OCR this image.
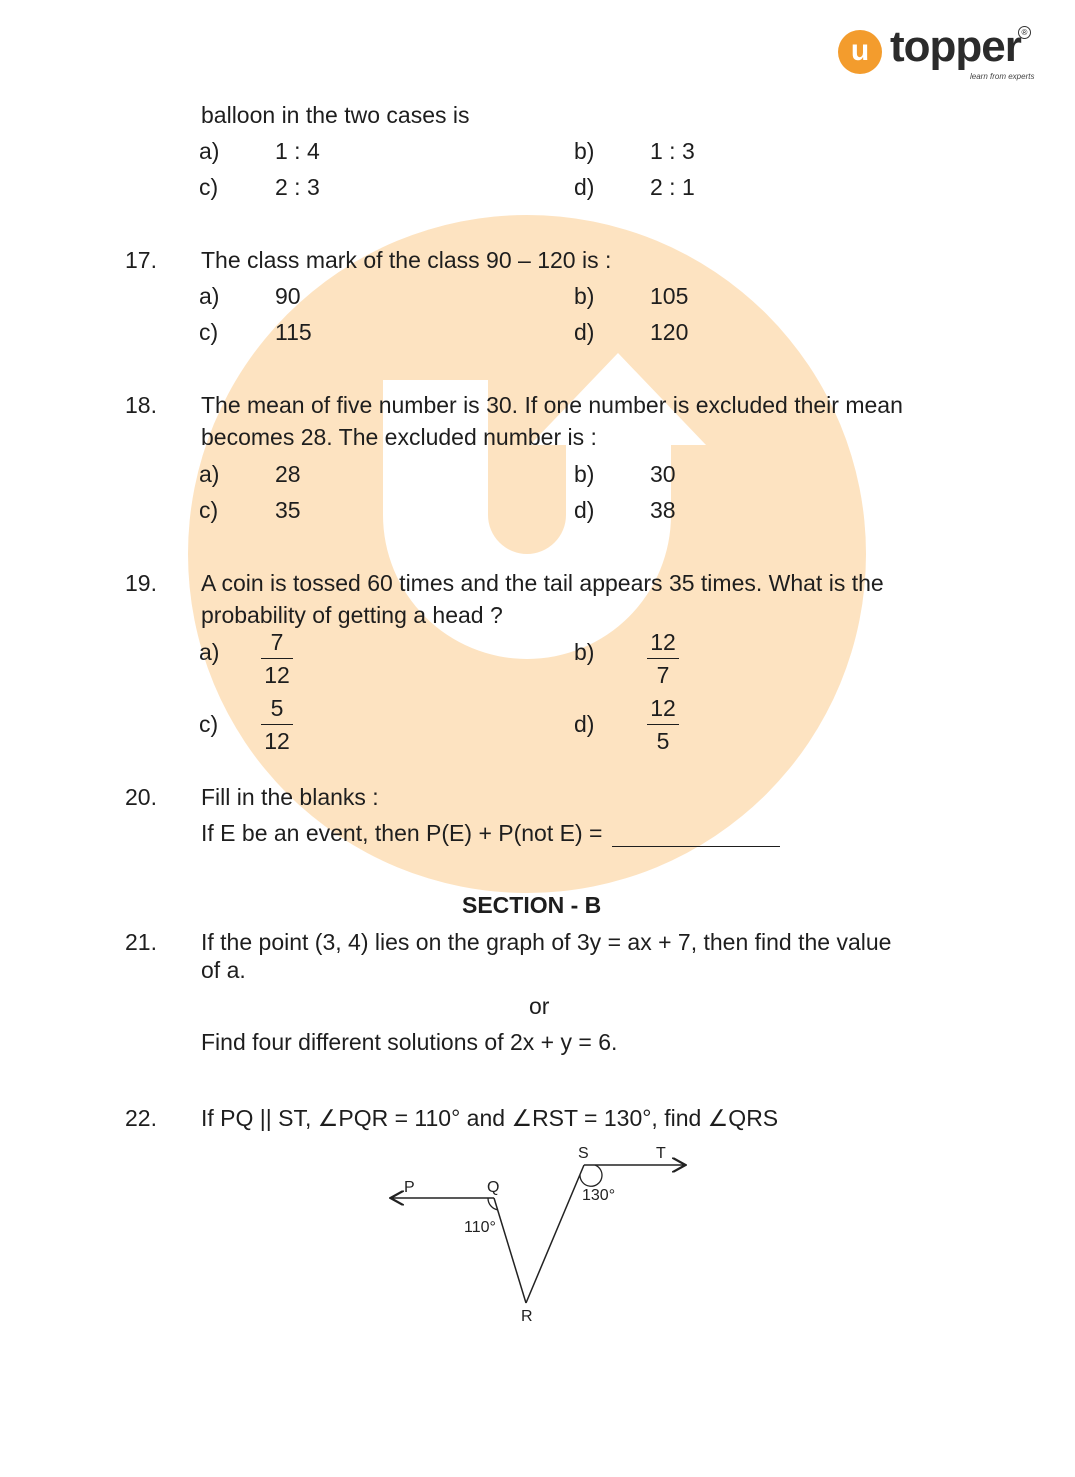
u topper
learn from experts
®
balloon in the two cases is
a) 1 : 4	b) 1 : 3
c) 2 : 3	d) 2 : 1
17. The class mark of the class 90 – 120 is :
a) 90	b) 105
c) 115	d) 120
18. The mean of five number is 30. If one number is excluded their mean
becomes 28. The excluded number is :
a) 28	b) 30
c) 35	d) 38
19. A coin is tossed 60 times and the tail appears 35 times. What is the
probability of getting a head ?
a)	7
12
b)	12
7
c)
5
12
d)
12
5
20. Fill in the blanks :
If E be an event, then P(E) + P(not E) =
SECTION - B
21. If the point (3, 4) lies on the graph of 3y = ax + 7, then find the value
of a.
or
Find four different solutions of 2x + y = 6.
22. If PQ || ST, ∠PQR = 110° and ∠RST = 130°, find ∠QRS
P	Q
R
S	T
110°
130°
